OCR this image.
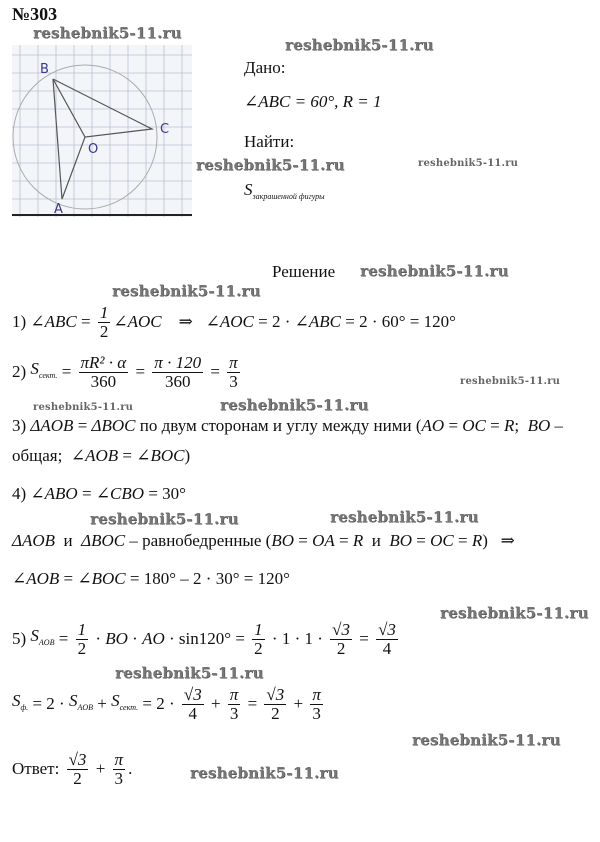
№303
B
C
O
A
Дано:
∠ABC = 60°, R = 1
Найти:
$S_{закрашенной фигуры}$
Решение
1) ∠ABC = $\frac{1}{2}$ ∠AOC ⇒ ∠AOC = 2 · ∠ABC = 2 · 60° = 120°
2) $S_{сект.} = \frac{\text{πR² · α}}{360} = \frac{\pi \cdot 120}{360} = \frac{\pi}{3}$
3) ΔAOB = ΔBOC по двум сторонам и углу между ними ( AO = OC = R ; BO –
общая; ∠AOB = ∠BOC )
4) ∠ABO = ∠CBO = 30°
ΔAOB и ΔBOC – равнобедренные ( BO = OA = R и BO = OC = R )   ⇒
∠AOB = ∠BOC = 180° – 2 · 30° = 120°
5) $S_{AOB} = \frac{1}{2}$ · BO · AO · $\sin 120^\circ = \frac{1}{2} \cdot 1 \cdot 1 \cdot \frac{√3}{2} = \frac{√3}{4}$
$S_{ф.} = 2 \cdot S_{AOB} + S_{сект.} = 2 \cdot \frac{√3}{4} + \frac{\pi}{3} = \frac{√3}{2} + \frac{\pi}{3}$
Ответ: $\frac{√3}{2} + \frac{\pi}{3}$ .
reshebnik5-11.ru
reshebnik5-11.ru	reshebnik5-11.ru
reshebnik5-11.ru
reshebnik5-11.ru
reshebnik5-11.ru
reshebnik5-11.ru
reshebnik5-11.ru	reshebnik5-11.ru
reshebnik5-11.ru
reshebnik5-11.ru
reshebnik5-11.ru
reshebnik5-11.ru
reshebnik5-11.ru
reshebnik5-11.ru
